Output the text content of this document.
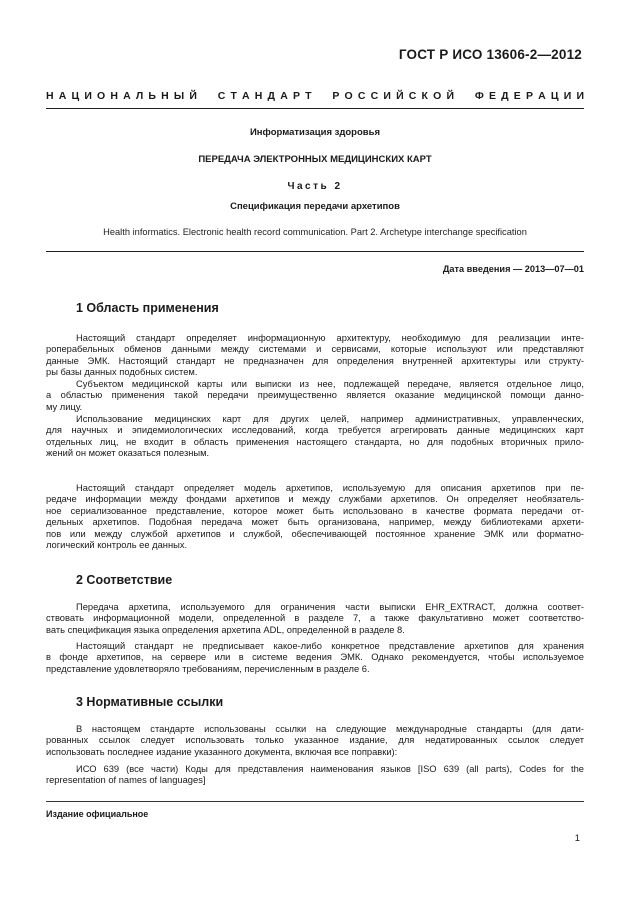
ГОСТ Р ИСО 13606-2—2012
Н А Ц И О Н А Л Ь Н Ы Й   С Т А Н Д А Р Т   Р О С С И Й С К О Й   Ф Е Д Е Р А Ц И И
Информатизация здоровья
ПЕРЕДАЧА ЭЛЕКТРОННЫХ МЕДИЦИНСКИХ КАРТ
Часть 2
Спецификация передачи архетипов
Health informatics. Electronic health record communication. Part 2. Archetype interchange specification
Дата введения — 2013—07—01
1 Область применения
Настоящий стандарт определяет информационную архитектуру, необходимую для реализации инте-
роперабельных обменов данными между системами и сервисами, которые используют или представляют
данные ЭМК. Настоящий стандарт не предназначен для определения внутренней архитектуры или структу-
ры базы данных подобных систем.
Субъектом медицинской карты или выписки из нее, подлежащей передаче, является отдельное лицо,
а областью применения такой передачи преимущественно является оказание медицинской помощи данно-
му лицу.
Использование медицинских карт для других целей, например административных, управленческих,
для научных и эпидемиологических исследований, когда требуется агрегировать данные медицинских карт
отдельных лиц, не входит в область применения настоящего стандарта, но для подобных вторичных прило-
жений он может оказаться полезным.
Настоящий стандарт определяет модель архетипов, используемую для описания архетипов при пе-
редаче информации между фондами архетипов и между службами архетипов. Он определяет необязатель-
ное сериализованное представление, которое может быть использовано в качестве формата передачи от-
дельных архетипов. Подобная передача может быть организована, например, между библиотеками архети-
пов или между службой архетипов и службой, обеспечивающей постоянное хранение ЭМК или форматно-
логический контроль ее данных.
2 Соответствие
Передача архетипа, используемого для ограничения части выписки EHR_EXTRACT, должна соответ-
ствовать информационной модели, определенной в разделе 7, а также факультативно может соответство-
вать спецификация языка определения архетипа ADL, определенной в разделе 8.
Настоящий стандарт не предписывает какое-либо конкретное представление архетипов для хранения
в фонде архетипов, на сервере или в системе ведения ЭМК. Однако рекомендуется, чтобы используемое
представление удовлетворяло требованиям, перечисленным в разделе 6.
3 Нормативные ссылки
В настоящем стандарте использованы ссылки на следующие международные стандарты (для дати-
рованных ссылок следует использовать только указанное издание, для недатированных ссылок следует
использовать последнее издание указанного документа, включая все поправки):
ИСО 639 (все части) Коды для представления наименования языков [ISO 639 (all parts), Codes for the
representation of names of languages]
Издание официальное
1
